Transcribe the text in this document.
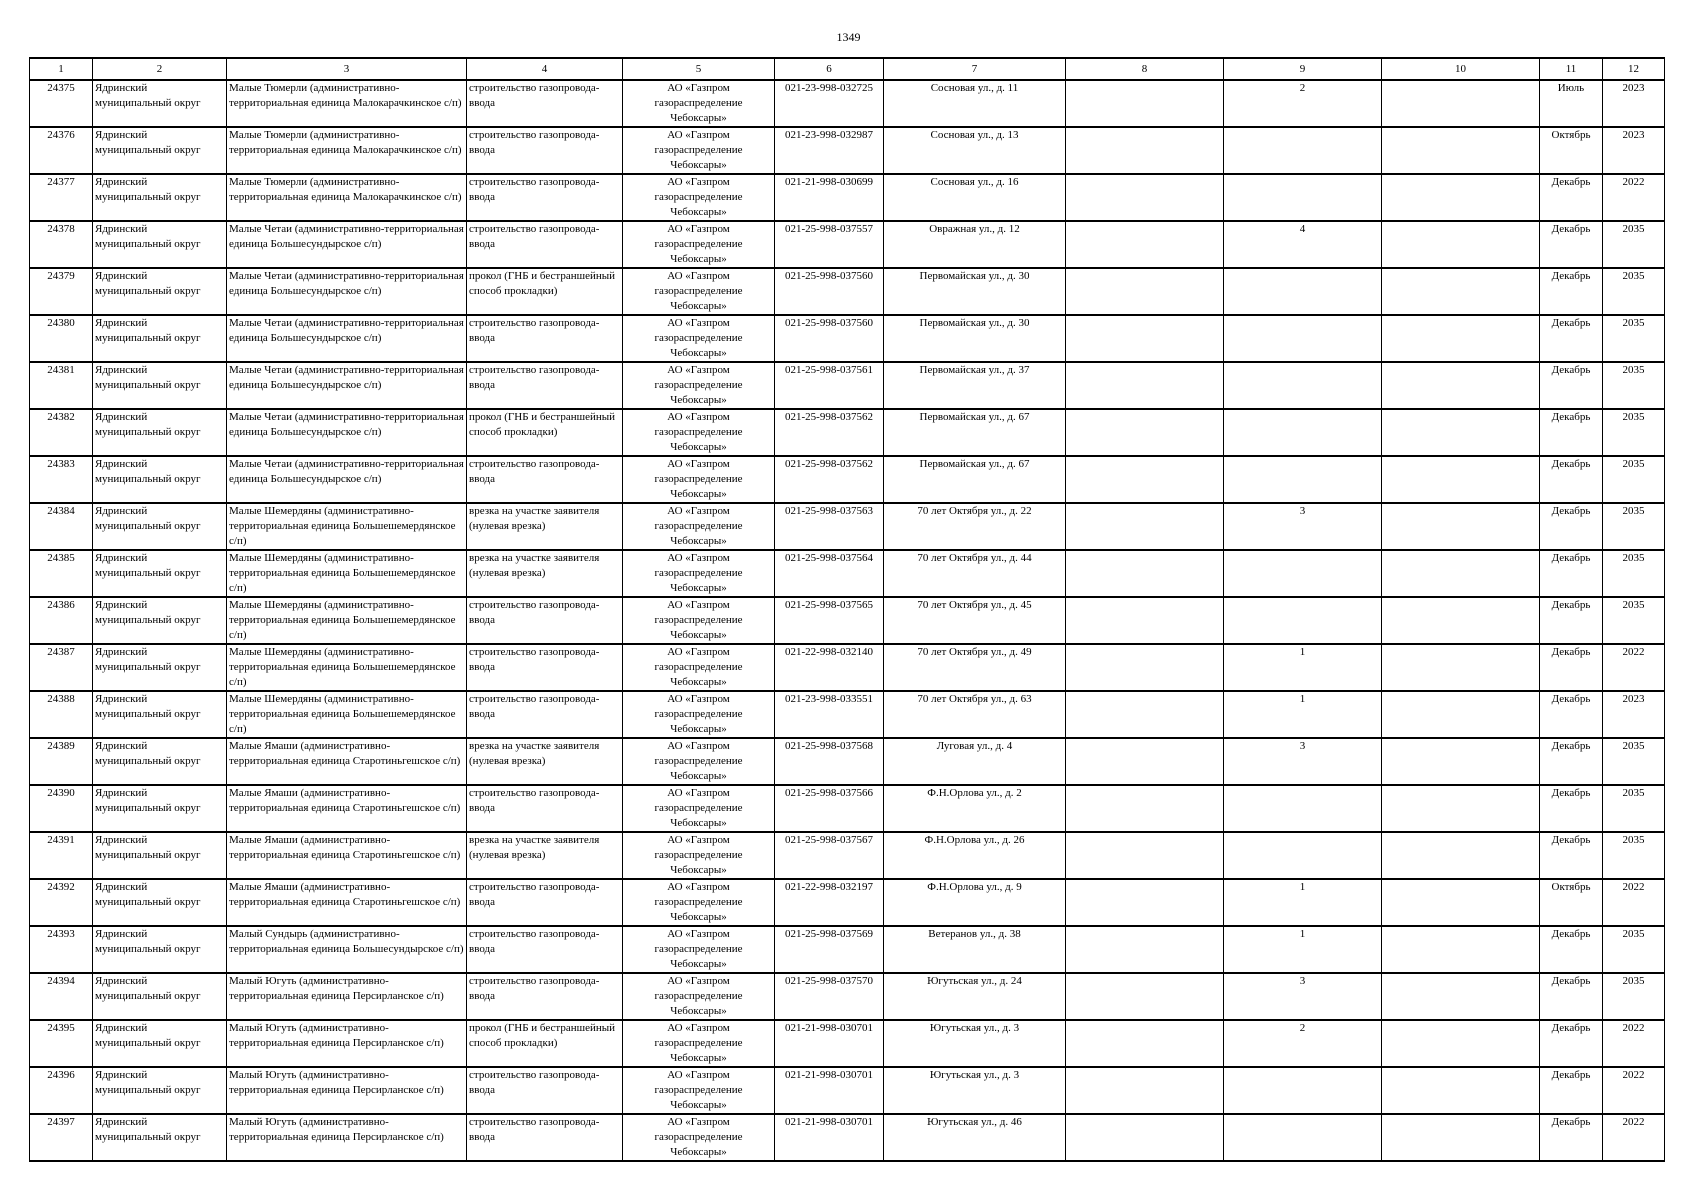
1349
1	2	3	4	5	6	7	8	9	10	11	12

24375	Ядринский муниципальный округ	Малые Тюмерли (административно-территориальная единица Малокарачкинское с/п)	строительство газопровода-ввода	АО «Газпром газораспределение Чебоксары»	021-23-998-032725	Сосновая ул., д. 11		2		Июль	2023

24376	Ядринский муниципальный округ	Малые Тюмерли (административно-территориальная единица Малокарачкинское с/п)	строительство газопровода-ввода	АО «Газпром газораспределение Чебоксары»	021-23-998-032987	Сосновая ул., д. 13				Октябрь	2023

24377	Ядринский муниципальный округ	Малые Тюмерли (административно-территориальная единица Малокарачкинское с/п)	строительство газопровода-ввода	АО «Газпром газораспределение Чебоксары»	021-21-998-030699	Сосновая ул., д. 16				Декабрь	2022

24378	Ядринский муниципальный округ	Малые Четаи (административно-территориальная единица Большесундырское с/п)	строительство газопровода-ввода	АО «Газпром газораспределение Чебоксары»	021-25-998-037557	Овражная ул., д. 12		4		Декабрь	2035

24379	Ядринский муниципальный округ	Малые Четаи (административно-территориальная единица Большесундырское с/п)	прокол (ГНБ и бестраншейный способ прокладки)	АО «Газпром газораспределение Чебоксары»	021-25-998-037560	Первомайская ул., д. 30				Декабрь	2035

24380	Ядринский муниципальный округ	Малые Четаи (административно-территориальная единица Большесундырское с/п)	строительство газопровода-ввода	АО «Газпром газораспределение Чебоксары»	021-25-998-037560	Первомайская ул., д. 30				Декабрь	2035

24381	Ядринский муниципальный округ	Малые Четаи (административно-территориальная единица Большесундырское с/п)	строительство газопровода-ввода	АО «Газпром газораспределение Чебоксары»	021-25-998-037561	Первомайская ул., д. 37				Декабрь	2035

24382	Ядринский муниципальный округ	Малые Четаи (административно-территориальная единица Большесундырское с/п)	прокол (ГНБ и бестраншейный способ прокладки)	АО «Газпром газораспределение Чебоксары»	021-25-998-037562	Первомайская ул., д. 67				Декабрь	2035

24383	Ядринский муниципальный округ	Малые Четаи (административно-территориальная единица Большесундырское с/п)	строительство газопровода-ввода	АО «Газпром газораспределение Чебоксары»	021-25-998-037562	Первомайская ул., д. 67				Декабрь	2035

24384	Ядринский муниципальный округ	Малые Шемердяны (административно-территориальная единица Большешемердянское с/п)	врезка на участке заявителя (нулевая врезка)	АО «Газпром газораспределение Чебоксары»	021-25-998-037563	70 лет Октября ул., д. 22		3		Декабрь	2035

24385	Ядринский муниципальный округ	Малые Шемердяны (административно-территориальная единица Большешемердянское с/п)	врезка на участке заявителя (нулевая врезка)	АО «Газпром газораспределение Чебоксары»	021-25-998-037564	70 лет Октября ул., д. 44				Декабрь	2035

24386	Ядринский муниципальный округ	Малые Шемердяны (административно-территориальная единица Большешемердянское с/п)	строительство газопровода-ввода	АО «Газпром газораспределение Чебоксары»	021-25-998-037565	70 лет Октября ул., д. 45				Декабрь	2035

24387	Ядринский муниципальный округ	Малые Шемердяны (административно-территориальная единица Большешемердянское с/п)	строительство газопровода-ввода	АО «Газпром газораспределение Чебоксары»	021-22-998-032140	70 лет Октября ул., д. 49		1		Декабрь	2022

24388	Ядринский муниципальный округ	Малые Шемердяны (административно-территориальная единица Большешемердянское с/п)	строительство газопровода-ввода	АО «Газпром газораспределение Чебоксары»	021-23-998-033551	70 лет Октября ул., д. 63		1		Декабрь	2023

24389	Ядринский муниципальный округ	Малые Ямаши (административно-территориальная единица Старотиньгешское с/п)	врезка на участке заявителя (нулевая врезка)	АО «Газпром газораспределение Чебоксары»	021-25-998-037568	Луговая ул., д. 4		3		Декабрь	2035

24390	Ядринский муниципальный округ	Малые Ямаши (административно-территориальная единица Старотиньгешское с/п)	строительство газопровода-ввода	АО «Газпром газораспределение Чебоксары»	021-25-998-037566	Ф.Н.Орлова ул., д. 2				Декабрь	2035

24391	Ядринский муниципальный округ	Малые Ямаши (административно-территориальная единица Старотиньгешское с/п)	врезка на участке заявителя (нулевая врезка)	АО «Газпром газораспределение Чебоксары»	021-25-998-037567	Ф.Н.Орлова ул., д. 26				Декабрь	2035

24392	Ядринский муниципальный округ	Малые Ямаши (административно-территориальная единица Старотиньгешское с/п)	строительство газопровода-ввода	АО «Газпром газораспределение Чебоксары»	021-22-998-032197	Ф.Н.Орлова ул., д. 9		1		Октябрь	2022

24393	Ядринский муниципальный округ	Малый Сундырь (административно-территориальная единица Большесундырское с/п)	строительство газопровода-ввода	АО «Газпром газораспределение Чебоксары»	021-25-998-037569	Ветеранов ул., д. 38		1		Декабрь	2035

24394	Ядринский муниципальный округ	Малый Югуть (административно-территориальная единица Персирланское с/п)	строительство газопровода-ввода	АО «Газпром газораспределение Чебоксары»	021-25-998-037570	Югутьская ул., д. 24		3		Декабрь	2035

24395	Ядринский муниципальный округ	Малый Югуть (административно-территориальная единица Персирланское с/п)	прокол (ГНБ и бестраншейный способ прокладки)	АО «Газпром газораспределение Чебоксары»	021-21-998-030701	Югутьская ул., д. 3		2		Декабрь	2022

24396	Ядринский муниципальный округ	Малый Югуть (административно-территориальная единица Персирланское с/п)	строительство газопровода-ввода	АО «Газпром газораспределение Чебоксары»	021-21-998-030701	Югутьская ул., д. 3				Декабрь	2022

24397	Ядринский муниципальный округ	Малый Югуть (административно-территориальная единица Персирланское с/п)	строительство газопровода-ввода	АО «Газпром газораспределение Чебоксары»	021-21-998-030701	Югутьская ул., д. 46				Декабрь	2022
